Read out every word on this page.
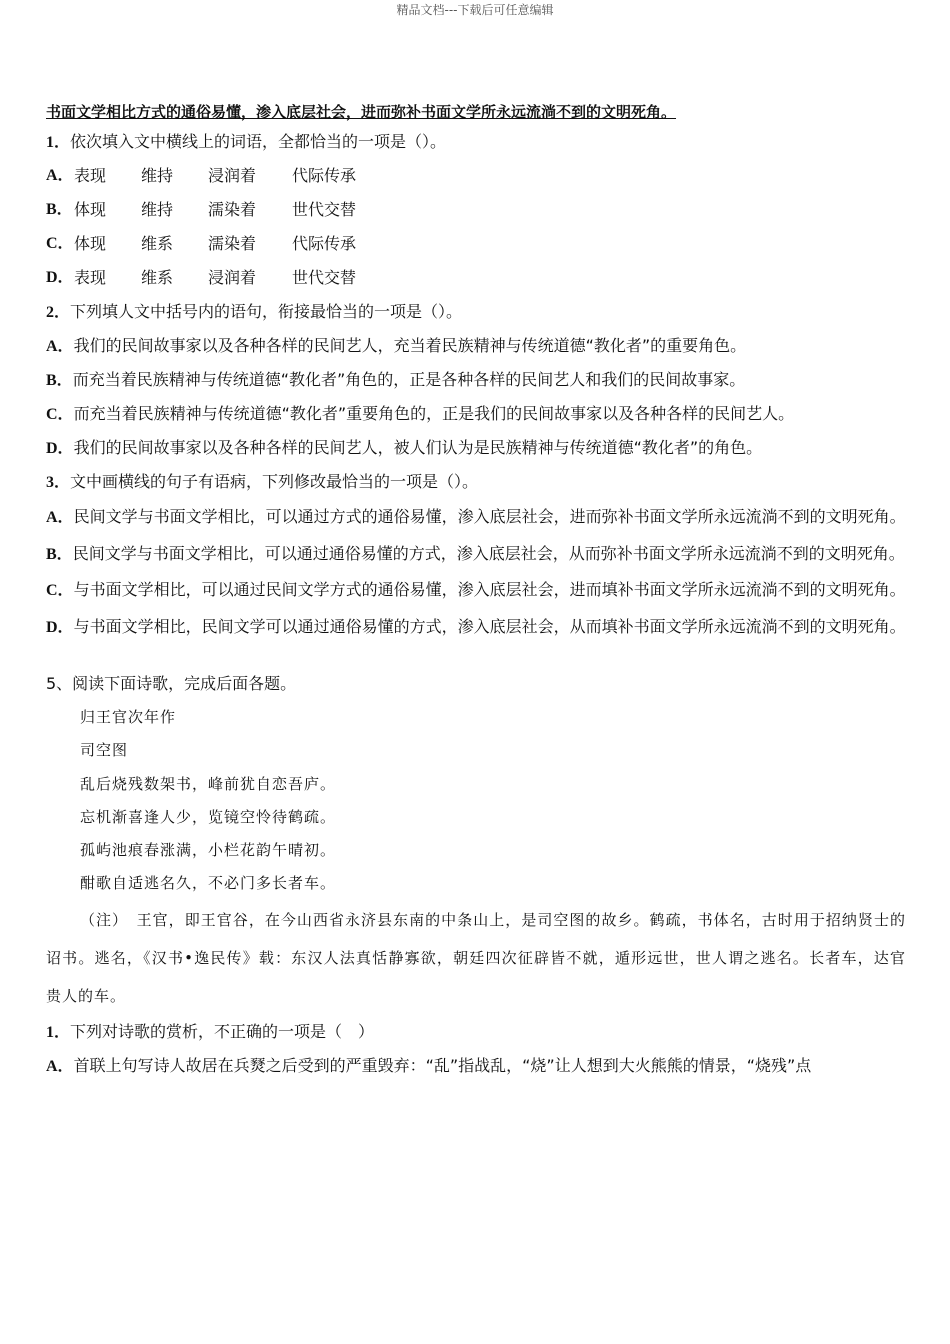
精品文档---下载后可任意编辑
书面文学相比方式的通俗易懂，渗入底层社会，进而弥补书面文学所永远流淌不到的文明死角。
1．依次填入文中横线上的词语，全都恰当的一项是（）。
A． 表现	维持	浸润着	代际传承
B． 体现	维持	濡染着	世代交替
C． 体现	维系	濡染着	代际传承
D． 表现	维系	浸润着	世代交替
2．下列填人文中括号内的语句，衔接最恰当的一项是（）。
A．我们的民间故事家以及各种各样的民间艺人，充当着民族精神与传统道德“教化者”的重要角色。
B．而充当着民族精神与传统道德“教化者”角色的，正是各种各样的民间艺人和我们的民间故事家。
C．而充当着民族精神与传统道德“教化者”重要角色的，正是我们的民间故事家以及各种各样的民间艺人。
D．我们的民间故事家以及各种各样的民间艺人，被人们认为是民族精神与传统道德“教化者”的角色。
3．文中画横线的句子有语病，下列修改最恰当的一项是（）。
A．民间文学与书面文学相比，可以通过方式的通俗易懂，渗入底层社会，进而弥补书面文学所永远流淌不到的文明死角。
B．民间文学与书面文学相比，可以通过通俗易懂的方式，渗入底层社会，从而弥补书面文学所永远流淌不到的文明死角。
C．与书面文学相比，可以通过民间文学方式的通俗易懂，渗入底层社会，进而填补书面文学所永远流淌不到的文明死角。
D．与书面文学相比，民间文学可以通过通俗易懂的方式，渗入底层社会，从而填补书面文学所永远流淌不到的文明死角。
5、阅读下面诗歌，完成后面各题。
归王官次年作
司空图
乱后烧残数架书，峰前犹自恋吾庐。
忘机渐喜逢人少，览镜空怜待鹤疏。
孤屿池痕春涨满，小栏花韵午晴初。
酣歌自适逃名久，不必门多长者车。
（注）　王官，即王官谷，在今山西省永济县东南的中条山上，是司空图的故乡。鹤疏，书体名，古时用于招纳贤士的诏书。逃名，《汉书•逸民传》载：东汉人法真恬静寡欲，朝廷四次征辟皆不就，遁形远世，世人谓之逃名。长者车，达官贵人的车。
1．下列对诗歌的赏析，不正确的一项是（　）
A．首联上句写诗人故居在兵燹之后受到的严重毁弃：“乱”指战乱，“烧”让人想到大火熊熊的情景，“烧残”点
